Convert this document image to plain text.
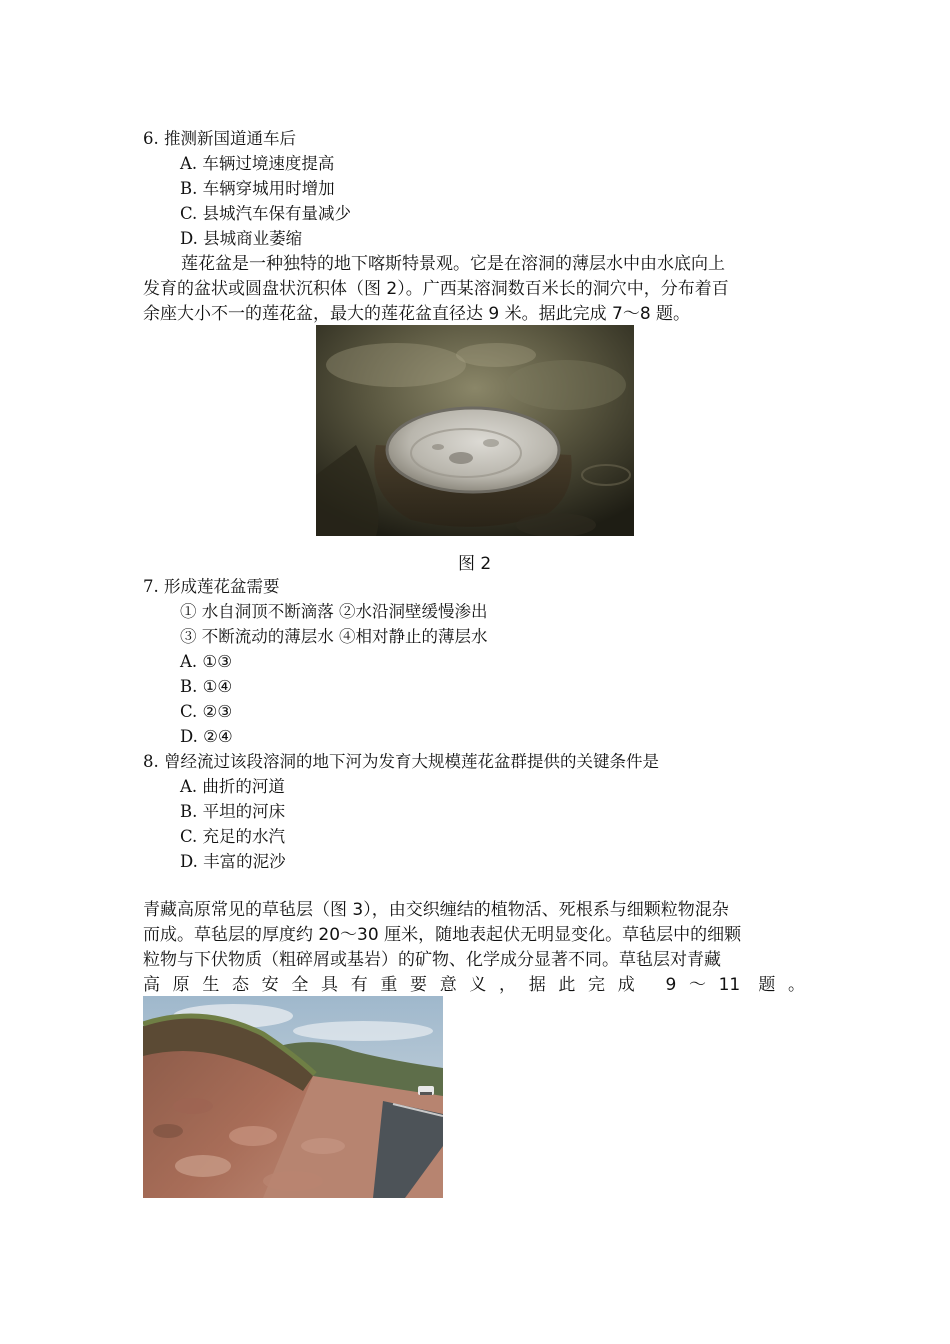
6. 推测新国道通车后
A. 车辆过境速度提高
B. 车辆穿城用时增加
C. 县城汽车保有量减少
D. 县城商业萎缩
莲花盆是一种独特的地下喀斯特景观。它是在溶洞的薄层水中由水底向上
发育的盆状或圆盘状沉积体（图 2）。广西某溶洞数百米长的洞穴中，分布着百
余座大小不一的莲花盆，最大的莲花盆直径达 9 米。据此完成 7～8 题。
图 2
7. 形成莲花盆需要
① 水自洞顶不断滴落 ②水沿洞壁缓慢渗出
③ 不断流动的薄层水 ④相对静止的薄层水
A. ①③
B. ①④
C. ②③
D. ②④
8. 曾经流过该段溶洞的地下河为发育大规模莲花盆群提供的关键条件是
A. 曲折的河道
B. 平坦的河床
C. 充足的水汽
D. 丰富的泥沙
青藏高原常见的草毡层（图 3），由交织缠结的植物活、死根系与细颗粒物混杂
而成。草毡层的厚度约 20～30 厘米，随地表起伏无明显变化。草毡层中的细颗
粒物与下伏物质（粗碎屑或基岩）的矿物、化学成分显著不同。草毡层对青藏
高原生态安全具有重要意义，据此完成 9～11 题。
